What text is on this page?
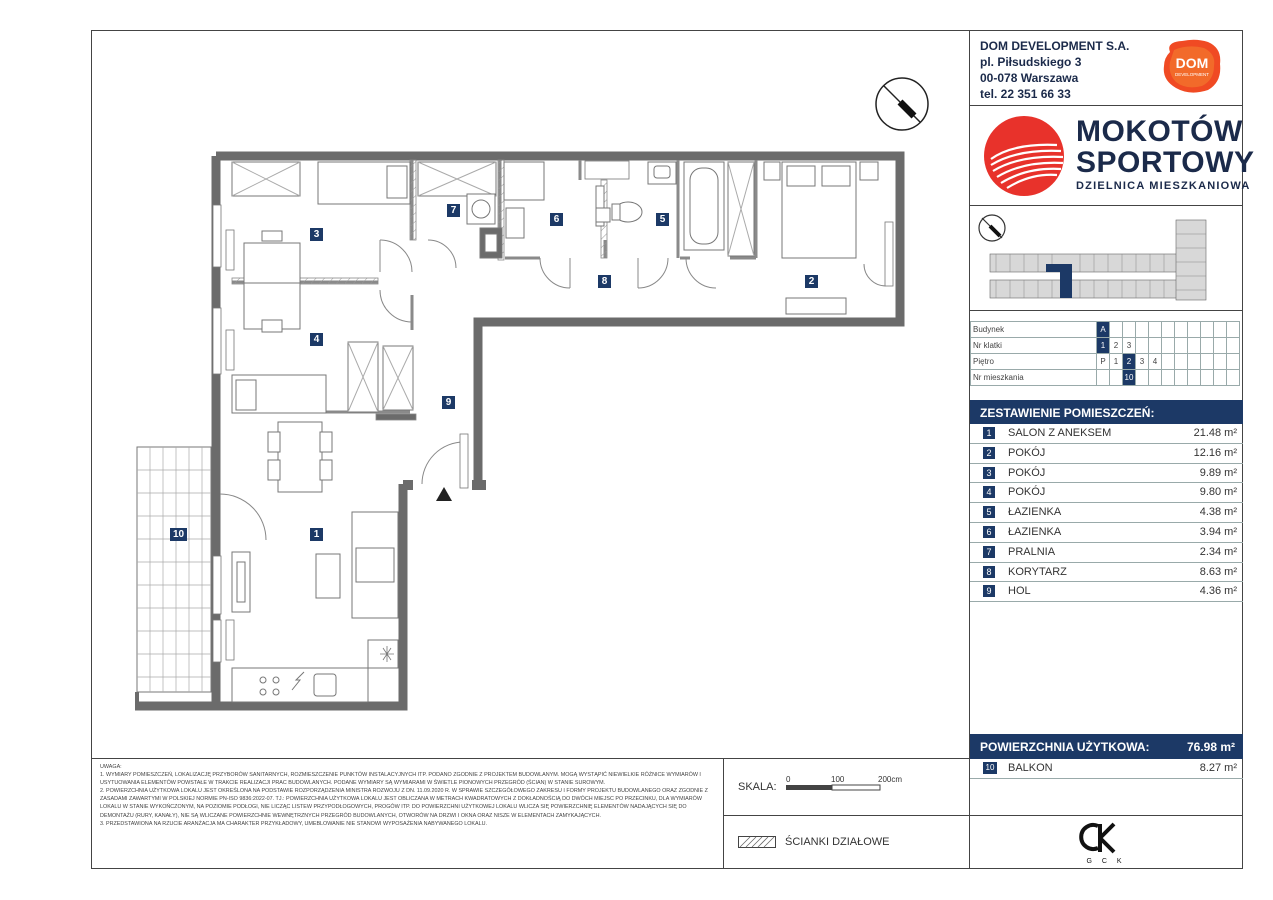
DOM DEVELOPMENT S.A.
pl. Piłsudskiego 3
00-078 Warszawa
tel. 22 351 66 33
DOM
DEVELOPMENT
MOKOTÓW
SPORTOWY
DZIELNICA MIESZKANIOWA
Budynek	A										
Nr klatki	1	2	3								
Piętro	P	1	2	3	4						
Nr mieszkania			10								
ZESTAWIENIE POMIESZCZEŃ:
1	SALON Z ANEKSEM	21.48 m²
2	POKÓJ	12.16 m²
3	POKÓJ	9.89 m²
4	POKÓJ	9.80 m²
5	ŁAZIENKA	4.38 m²
6	ŁAZIENKA	3.94 m²
7	PRALNIA	2.34 m²
8	KORYTARZ	8.63 m²
9	HOL	4.36 m²
POWIERZCHNIA UŻYTKOWA:	76.98 m²
10 BALKON	8.27 m²
G C K
UWAGA:
1. WYMIARY POMIESZCZEŃ, LOKALIZACJĘ PRZYBORÓW SANITARNYCH, ROZMIESZCZENIE PUNKTÓW INSTALACYJNYCH ITP. PODANO ZGODNIE Z PROJEKTEM BUDOWLANYM. MOGĄ WYSTĄPIĆ NIEWIELKIE RÓŻNICE WYMIARÓW I USYTUOWANIA ELEMENTÓW POWSTAŁE W TRAKCIE REALIZACJI PRAC BUDOWLANYCH. PODANE WYMIARY SĄ WYMIARAMI W ŚWIETLE PIONOWYCH PRZEGRÓD (ŚCIAN) W STANIE SUROWYM.
2. POWIERZCHNIA UŻYTKOWA LOKALU JEST OKREŚLONA NA PODSTAWIE ROZPORZĄDZENIA MINISTRA ROZWOJU Z DN. 11.09.2020 R. W SPRAWIE SZCZEGÓŁOWEGO ZAKRESU I FORMY PROJEKTU BUDOWLANEGO ORAZ ZGODNIE Z ZASADAMI ZAWARTYMI W POLSKIEJ NORMIE PN-ISO 9836:2022-07. TJ.: POWIERZCHNIA UŻYTKOWA LOKALU JEST OBLICZANA W METRACH KWADRATOWYCH Z DOKŁADNOŚCIĄ DO DWÓCH MIEJSC PO PRZECINKU, DLA WYMIARÓW LOKALU W STANIE WYKOŃCZONYM, NA POZIOMIE PODŁOGI, NIE LICZĄC LISTEW PRZYPODŁOGOWYCH, PROGÓW ITP. DO POWIERZCHNI UŻYTKOWEJ LOKALU WLICZA SIĘ POWIERZCHNIĘ ELEMENTÓW NADAJĄCYCH SIĘ DO DEMONTAŻU (RURY, KANAŁY), NIE SĄ WLICZANE POWIERZCHNIE WEWNĘTRZNYCH PRZEGRÓD BUDOWLANYCH, OTWORÓW NA DRZWI I OKNA ORAZ NISZE W ELEMENTACH ZAMYKAJĄCYCH.
3. PRZEDSTAWIONA NA RZUCIE ARANŻACJA MA CHARAKTER PRZYKŁADOWY, UMEBLOWANIE NIE STANOWI WYPOSAŻENIA NABYWANEGO LOKALU.
SKALA:
0	100	200cm
ŚCIANKI DZIAŁOWE
1
2
3
4
5
6
7
8
9
10
